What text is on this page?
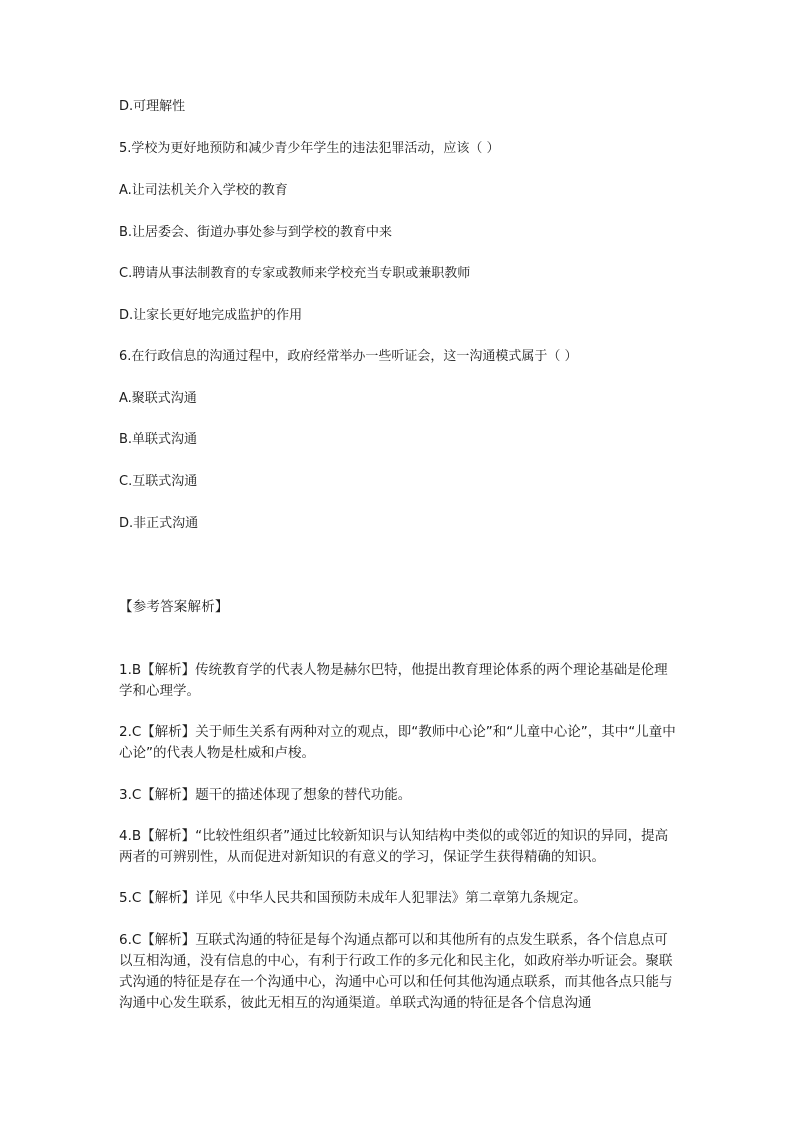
D.可理解性
5.学校为更好地预防和减少青少年学生的违法犯罪活动，应该（ ）
A.让司法机关介入学校的教育
B.让居委会、街道办事处参与到学校的教育中来
C.聘请从事法制教育的专家或教师来学校充当专职或兼职教师
D.让家长更好地完成监护的作用
6.在行政信息的沟通过程中，政府经常举办一些听证会，这一沟通模式属于（ ）
A.聚联式沟通
B.单联式沟通
C.互联式沟通
D.非正式沟通
【参考答案解析】
1.B【解析】传统教育学的代表人物是赫尔巴特，他提出教育理论体系的两个理论基础是伦理学和心理学。
2.C【解析】关于师生关系有两种对立的观点，即“教师中心论”和“儿童中心论”，其中“儿童中心论”的代表人物是杜威和卢梭。
3.C【解析】题干的描述体现了想象的替代功能。
4.B【解析】“比较性组织者”通过比较新知识与认知结构中类似的或邻近的知识的异同，提高两者的可辨别性，从而促进对新知识的有意义的学习，保证学生获得精确的知识。
5.C【解析】详见《中华人民共和国预防未成年人犯罪法》第二章第九条规定。
6.C【解析】互联式沟通的特征是每个沟通点都可以和其他所有的点发生联系，各个信息点可以互相沟通，没有信息的中心，有利于行政工作的多元化和民主化，如政府举办听证会。聚联式沟通的特征是存在一个沟通中心，沟通中心可以和任何其他沟通点联系，而其他各点只能与沟通中心发生联系，彼此无相互的沟通渠道。单联式沟通的特征是各个信息沟通
